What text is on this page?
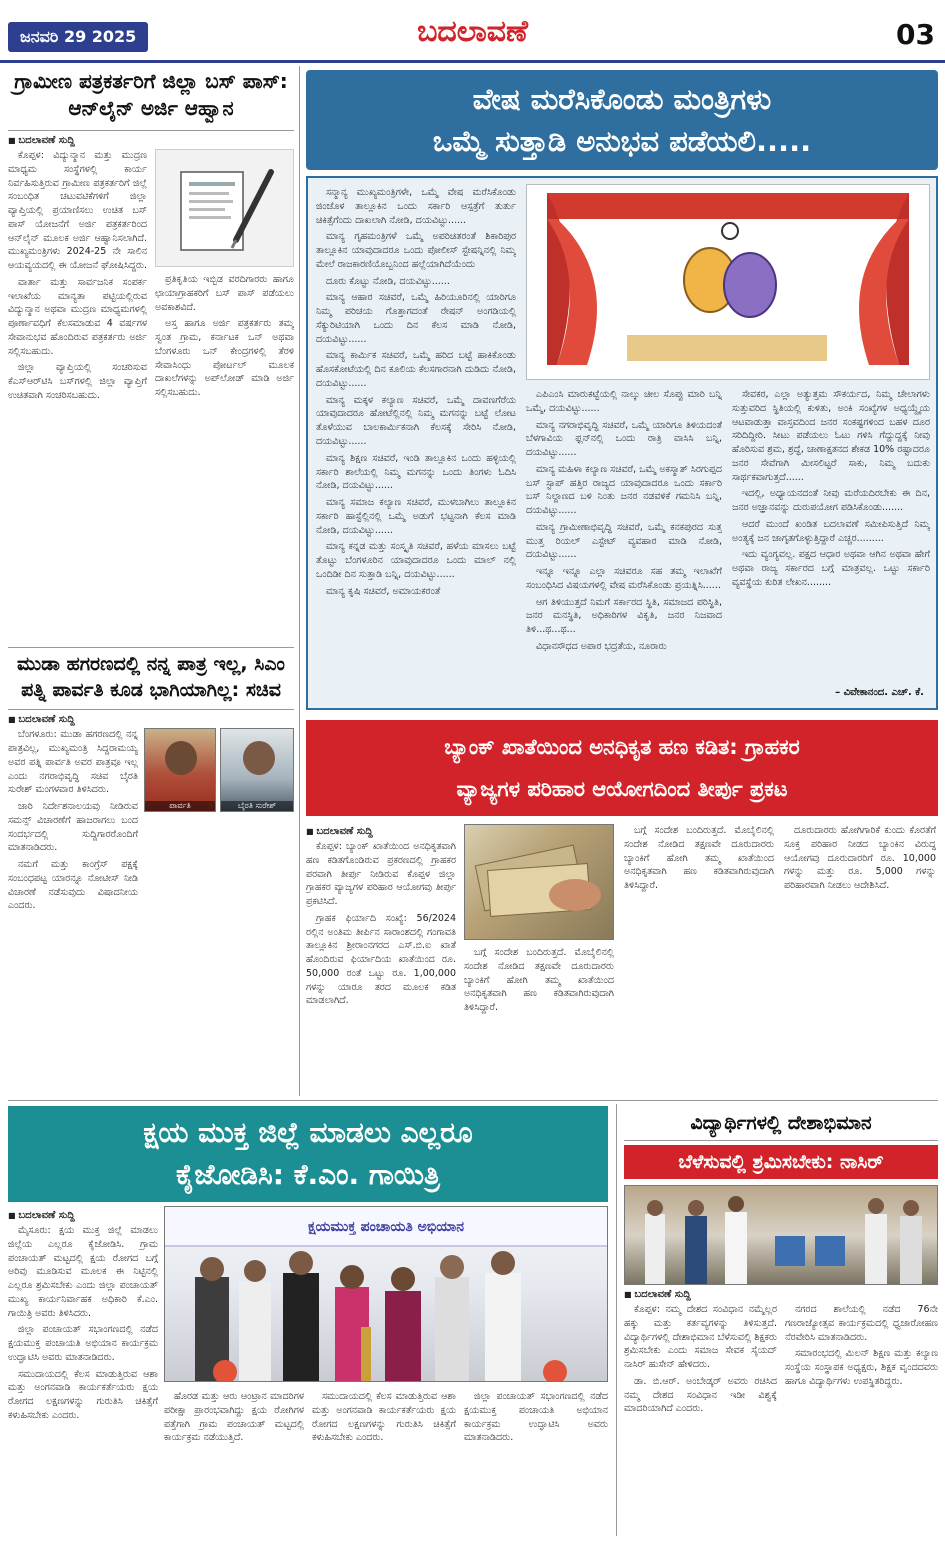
ಜನವರಿ 29 2025	ಬದಲಾವಣೆ	03
ಗ್ರಾಮೀಣ ಪತ್ರಕರ್ತರಿಗೆ ಜಿಲ್ಲಾ ಬಸ್ ಪಾಸ್: ಆನ್‌ಲೈನ್ ಅರ್ಜಿ ಆಹ್ವಾನ
■ ಬದಲಾವಣೆ ಸುದ್ದಿ

ಕೊಪ್ಪಳ: ವಿದ್ಯುನ್ಮಾನ ಮತ್ತು ಮುದ್ರಣ ಮಾಧ್ಯಮ ಸಂಸ್ಥೆಗಳಲ್ಲಿ ಕಾರ್ಯ ನಿರ್ವಹಿಸುತ್ತಿರುವ ಗ್ರಾಮೀಣ ಪತ್ರಕರ್ತರಿಗೆ ಜಿಲ್ಲೆ ಸಂಬಂಧಿತ ಚಟುವಟಿಕೆಗಳಿಗೆ ಜಿಲ್ಲಾ ವ್ಯಾಪ್ತಿಯಲ್ಲಿ ಪ್ರಯಾಣಿಸಲು ಉಚಿತ ಬಸ್ ಪಾಸ್ ಯೋಜನೆಗೆ ಅರ್ಜಿ ಪತ್ರಕರ್ತರಿಂದ ಆನ್‌ಲೈನ್ ಮೂಲಕ ಅರ್ಜಿ ಆಹ್ವಾನಿಸಲಾಗಿದೆ. ಮುಖ್ಯಮಂತ್ರಿಗಳು 2024-25 ನೇ ಸಾಲಿನ ಆಯವ್ಯಯದಲ್ಲಿ ಈ ಯೋಜನೆ ಘೋಷಿಸಿದ್ದರು.

ವಾರ್ತಾ ಮತ್ತು ಸಾರ್ವಜನಿಕ ಸಂಪರ್ಕ ಇಲಾಖೆಯ ಮಾನ್ಯತಾ ಪಟ್ಟಿಯಲ್ಲಿರುವ ವಿದ್ಯುನ್ಮಾನ ಅಥವಾ ಮುದ್ರಣ ಮಾಧ್ಯಮಗಳಲ್ಲಿ ಪೂರ್ಣಾವಧಿಗೆ ಕೆಲಸಮಾಡುವ 4 ವರ್ಷಗಳ ಸೇವಾನುಭವ ಹೊಂದಿರುವ ಪತ್ರಕರ್ತರು ಅರ್ಜಿ ಸಲ್ಲಿಸಬಹುದು.

ಜಿಲ್ಲಾ ವ್ಯಾಪ್ತಿಯಲ್ಲಿ ಸಂಚರಿಸುವ ಕೆಎಸ್‌ಆರ್‌ಟಿಸಿ ಬಸ್‌ಗಳಲ್ಲಿ ಜಿಲ್ಲಾ ವ್ಯಾಪ್ತಿಗೆ ಉಚಿತವಾಗಿ ಸಂಚರಿಸಬಹುದು.

ಪ್ರತಿಕೃತಿಯ ಇಬ್ಬಿಡ ವರದಿಗಾರರು ಹಾಗೂ ಛಾಯಾಗ್ರಾಹಕರಿಗೆ ಬಸ್ ಪಾಸ್ ಪಡೆಯಲು ಅವಕಾಶವಿದೆ.

ಅಸ್ತ ಹಾಗೂ ಅರ್ಜಿ ಪತ್ರಕರ್ತರು ತಮ್ಮ ಸ್ವಂತ ಗ್ರಾಮ, ಕರ್ನಾಟಕ ಒನ್ ಅಥವಾ ಬೆಂಗಳೂರು ಒನ್ ಕೇಂದ್ರಗಳಲ್ಲಿ ತೆರಳಿ ಸೇವಾಸಿಂಧು ಪೋರ್ಟಲ್ ಮೂಲಕ ದಾಖಲೆಗಳನ್ನು ಅಪ್‌ಲೋಡ್ ಮಾಡಿ ಅರ್ಜಿ ಸಲ್ಲಿಸಬಹುದು.

ಮುಡಾ ಹಗರಣದಲ್ಲಿ ನನ್ನ ಪಾತ್ರ ಇಲ್ಲ, ಸಿಎಂ ಪತ್ನಿ ಪಾರ್ವತಿ ಕೂಡ ಭಾಗಿಯಾಗಿಲ್ಲ: ಸಚಿವ
■ ಬದಲಾವಣೆ ಸುದ್ದಿ

ಬೆಂಗಳೂರು: ಮುಡಾ ಹಗರಣದಲ್ಲಿ ನನ್ನ ಪಾತ್ರವಿಲ್ಲ, ಮುಖ್ಯಮಂತ್ರಿ ಸಿದ್ದರಾಮಯ್ಯ ಅವರ ಪತ್ನಿ ಪಾರ್ವತಿ ಅವರ ಪಾತ್ರವೂ ಇಲ್ಲ ಎಂದು ನಗರಾಭಿವೃದ್ಧಿ ಸಚಿವ ಬೈರತಿ ಸುರೇಶ್ ಮಂಗಳವಾರ ತಿಳಿಸಿದರು.

ಜಾರಿ ನಿರ್ದೇಶನಾಲಯವು ನೀಡಿರುವ ಸಮನ್ಸ್ ವಿಚಾರಣೆಗೆ ಹಾಜರಾಗಲು ಬಂದ ಸಂದರ್ಭದಲ್ಲಿ ಸುದ್ದಿಗಾರರೊಂದಿಗೆ ಮಾತನಾಡಿದರು.

ನಮಗೆ ಮತ್ತು ಕಾಂಗ್ರೆಸ್ ಪಕ್ಷಕ್ಕೆ ಸಂಬಂಧಪಟ್ಟ ಯಾರನ್ನೂ ನೋಟೀಸ್ ನೀಡಿ ವಿಚಾರಣೆ ನಡೆಸುವುದು ವಿಷಾದನೀಯ ಎಂದರು.

ಪಾರ್ವತಿ	ಬೈರತಿ ಸುರೇಶ್
ವೇಷ ಮರೆಸಿಕೊಂಡು ಮಂತ್ರಿಗಳು
ಒಮ್ಮೆ ಸುತ್ತಾಡಿ ಅನುಭವ ಪಡೆಯಲಿ.....

ಸನ್ಮಾನ್ಯ ಮುಖ್ಯಮಂತ್ರಿಗಳೇ, ಒಮ್ಮೆ ವೇಷ ಮರೆಸಿಕೊಂಡು ಜಿಂಜೊಳ ತಾಲ್ಲೂಕಿನ ಒಂದು ಸರ್ಕಾರಿ ಆಸ್ಪತ್ರೆಗೆ ತುರ್ತು ಚಿಕಿತ್ಸೆಗೆಂದು ದಾಖಲಾಗಿ ನೋಡಿ, ದಯವಿಟ್ಟು......

ಮಾನ್ಯ ಗೃಹಮಂತ್ರಿಗಳೆ ಒಮ್ಮೆ ಅಪರಿಚಿತರಂತೆ ಶಿಕಾರಿಪುರ ತಾಲ್ಲೂಕಿನ ಯಾವುದಾದರೂ ಒಂದು ಪೋಲೀಸ್ ಸ್ಟೇಷನ್ನಿನಲ್ಲಿ ನಿಮ್ಮ ಮೇಲೆ ರಾಜಕಾರಣಿಯೊಬ್ಬನಿಂದ ಹಲ್ಲೆಯಾಗಿದೆಯೆಂದು

ದೂರು ಕೊಟ್ಟು ನೋಡಿ, ದಯವಿಟ್ಟು......

ಮಾನ್ಯ ಆಹಾರ ಸಚಿವರೆ, ಒಮ್ಮೆ ಹಿರಿಯೂರಿನಲ್ಲಿ ಯಾರಿಗೂ ನಿಮ್ಮ ಪರಿಚಯ ಗೊತ್ತಾಗದಂತೆ ರೇಷನ್ ಅಂಗಡಿಯಲ್ಲಿ ಸೆಕ್ಯುರಿಟಿಯಾಗಿ ಒಂದು ದಿನ ಕೆಲಸ ಮಾಡಿ ನೋಡಿ, ದಯವಿಟ್ಟು......

ಮಾನ್ಯ ಕಾರ್ಮಿಕ ಸಚಿವರೆ, ಒಮ್ಮೆ ಹರಿದ ಬಟ್ಟೆ ಹಾಕಿಕೊಂಡು ಹೊಸಕೋಟೆಯಲ್ಲಿ ದಿನ ಕೂಲಿಯ ಕೆಲಸಗಾರನಾಗಿ ದುಡಿದು ನೋಡಿ, ದಯವಿಟ್ಟು......

ಮಾನ್ಯ ಮಕ್ಕಳ ಕಲ್ಯಾಣ ಸಚಿವರೆ, ಒಮ್ಮೆ ದಾವಣಗೆರೆಯ ಯಾವುದಾದರೂ ಹೋಟೆಲ್ಲಿನಲ್ಲಿ ನಿಮ್ಮ ಮಗನನ್ನು ಬಟ್ಟೆ ಲೋಟ ತೊಳೆಯುವ ಬಾಲಕಾರ್ಮಿಕನಾಗಿ ಕೆಲಸಕ್ಕೆ ಸೇರಿಸಿ ನೋಡಿ, ದಯವಿಟ್ಟು......

ಮಾನ್ಯ ಶಿಕ್ಷಣ ಸಚಿವರೆ, ಇಂಡಿ ತಾಲ್ಲೂಕಿನ ಒಂದು ಹಳ್ಳಿಯಲ್ಲಿ ಸರ್ಕಾರಿ ಶಾಲೆಯಲ್ಲಿ ನಿಮ್ಮ ಮಗನನ್ನು ಒಂದು ತಿಂಗಳು ಓದಿಸಿ ನೋಡಿ, ದಯವಿಟ್ಟು......

ಮಾನ್ಯ ಸಮಾಜ ಕಲ್ಯಾಣ ಸಚಿವರೆ, ಮುಳಬಾಗಿಲು ತಾಲ್ಲೂಕಿನ ಸರ್ಕಾರಿ ಹಾಸ್ಟೆಲ್ಲಿನಲ್ಲಿ ಒಮ್ಮೆ ಅಡುಗೆ ಭಟ್ಟನಾಗಿ ಕೆಲಸ ಮಾಡಿ ನೋಡಿ, ದಯವಿಟ್ಟು......

ಮಾನ್ಯ ಕನ್ನಡ ಮತ್ತು ಸಂಸ್ಕೃತಿ ಸಚಿವರೆ, ಹಳೆಯ ಮಾಸಲು ಬಟ್ಟೆ ತೊಟ್ಟು ಬೆಂಗಳೂರಿನ ಯಾವುದಾದರೂ ಒಂದು ಮಾಲ್ ನಲ್ಲಿ ಒಂದಿಡೀ ದಿನ ಸುತ್ತಾಡಿ ಬನ್ನಿ, ದಯವಿಟ್ಟು......

ಮಾನ್ಯ ಕೃಷಿ ಸಚಿವರೆ, ಅಮಾಯಕರಂತೆ

ಎಪಿಎಂಸಿ ಮಾರುಕಟ್ಟೆಯಲ್ಲಿ ನಾಲ್ಕು ಚೀಲ ಸೊಪ್ಪು ಮಾರಿ ಬನ್ನಿ ಒಮ್ಮೆ, ದಯವಿಟ್ಟು......

ಮಾನ್ಯ ನಗರಾಭಿವೃದ್ಧಿ ಸಚಿವರೆ, ಒಮ್ಮೆ ಯಾರಿಗೂ ತಿಳಿಯದಂತೆ ಬೆಳಗಾವಿಯ ಫ್ಲನ್‌ನಲ್ಲಿ ಒಂದು ರಾತ್ರಿ ವಾಸಿಸಿ ಬನ್ನಿ, ದಯವಿಟ್ಟು......

ಮಾನ್ಯ ಮಹಿಳಾ ಕಲ್ಯಾಣ ಸಚಿವರೆ, ಒಮ್ಮೆ ಅಕಸ್ಮಾತ್ ಸಿರಗುಪ್ಪದ ಬಸ್ ಸ್ಟಾಪ್ ಹತ್ತಿರ ರಾಜ್ಯದ ಯಾವುದಾದರೂ ಒಂದು ಸರ್ಕಾರಿ ಬಸ್ ನಿಲ್ದಾಣದ ಬಳಿ ನಿಂತು ಜನರ ನಡವಳಿಕೆ ಗಮನಿಸಿ ಬನ್ನಿ, ದಯವಿಟ್ಟು......

ಮಾನ್ಯ ಗ್ರಾಮೀಣಾಭಿವೃದ್ಧಿ ಸಚಿವರೆ, ಒಮ್ಮೆ ಕನಕಪುರದ ಸುತ್ತ ಮುತ್ತ ರಿಯಲ್ ಎಸ್ಟೇಟ್ ವ್ಯವಹಾರ ಮಾಡಿ ನೋಡಿ, ದಯವಿಟ್ಟು......

ಇನ್ನೂ ಇನ್ನೂ ಎಲ್ಲಾ ಸಚಿವರೂ ಸಹ ತಮ್ಮ ಇಲಾಖೆಗೆ ಸಂಬಂಧಿಸಿದ ವಿಷಯಗಳಲ್ಲಿ ವೇಷ ಮರೆಸಿಕೊಂಡು ಪ್ರಯತ್ನಿಸಿ......

ಆಗ ತಿಳಿಯುತ್ತದೆ ನಿಮಗೆ ಸರ್ಕಾರದ ಸ್ಥಿತಿ, ಸಮಾಜದ ಪರಿಸ್ಥಿತಿ, ಜನರ ಮನಸ್ಥಿತಿ, ಅಧಿಕಾರಿಗಳ ವಿಕೃತಿ, ಜನರ ನಿಜವಾದ ತಿಳಿ...ಥ...ಥ...

ವಿಧಾನಸೌಧದ ಅಪಾರ ಭದ್ರತೆಯ, ನೂರಾರು

ಸೇವಕರ, ಎಲ್ಲಾ ಅತ್ಯುತ್ತಮ ಸೌಕರ್ಯದ, ನಿಮ್ಮ ಚೇಲಾಗಳು ಸುತ್ತುವರಿದ ಸ್ಥಿತಿಯಲ್ಲಿ ಕುಳಿತು, ಅಂಕಿ ಸಂಖ್ಯೆಗಳ ಅಧ್ಯಯ್ದೈಯ ಆಟವಾಡುತ್ತಾ ವಾಸ್ತವದಿಂದ ಜನರ ಸಂಕಷ್ಟಗಳಿಂದ ಬಹಳ ದೂರ ಸರಿದಿದ್ದೀರಿ. ಸೀಟು ಪಡೆಯಲು ಓಟು ಗಳಿಸಿ ಗೆದ್ದುದ್ದಕ್ಕೆ ನೀವು ಹೊರಿಸುವ ಶ್ರಮ, ಶ್ರದ್ಧೆ, ಚಾಣಾಕ್ಷತನದ ಶೇಕಡ 10% ರಷ್ಟಾದರೂ ಜನರ ಸೇವೆಗಾಗಿ ಮೀಸಲಿಟ್ಟರೆ ಸಾಕು, ನಿಮ್ಮ ಬದುಕು ಸಾರ್ಥಕವಾಗುತ್ತದೆ......

ಇದಲ್ಲಿ, ಅಧ್ಯಾಯನದಂತೆ ನೀವು ಮರೆಯದಿರಬೇಕು ಈ ದಿನ, ಜನರ ಅಜ್ಞಾನವನ್ನು ದುರುಪಯೋಗ ಪಡಿಸಿಕೊಂಡು.......

ಆದರೆ ಮುಂದೆ ಖಂಡಿತ ಬದಲಾವಣೆ ಸಮೀಪಿಸುತ್ತಿದೆ ನಿಮ್ಮ ಅಂತ್ಯಕ್ಕೆ ಜನ ಜಾಗೃತಗೊಳ್ಳುತ್ತಿದ್ದಾರೆ ಎಚ್ಚರ.........

ಇದು ವ್ಯಂಗ್ಯವಲ್ಲ. ಪಕ್ಷದ ಆಧಾರ ಅಥವಾ ಆಗಿನ ಅಥವಾ ಹೇಗೆ ಅಥವಾ ರಾಜ್ಯ ಸರ್ಕಾರದ ಬಗ್ಗೆ ಮಾತ್ರವಲ್ಲ. ಒಟ್ಟು ಸರ್ಕಾರಿ ವ್ಯವಸ್ಥೆಯ ಕುರಿತ ಲೇಖನ........

– ವಿವೇಕಾನಂದ. ಎಚ್. ಕೆ.
ಬ್ಯಾಂಕ್ ಖಾತೆಯಿಂದ ಅನಧಿಕೃತ ಹಣ ಕಡಿತ: ಗ್ರಾಹಕರ
ವ್ಯಾಜ್ಯಗಳ ಪರಿಹಾರ ಆಯೋಗದಿಂದ ತೀರ್ಪು ಪ್ರಕಟ
■ ಬದಲಾವಣೆ ಸುದ್ದಿ

ಕೊಪ್ಪಳ: ಬ್ಯಾಂಕ್ ಖಾತೆಯಿಂದ ಅನಧಿಕೃತವಾಗಿ ಹಣ ಕಡಿತಗೊಂಡಿರುವ ಪ್ರಕರಣದಲ್ಲಿ ಗ್ರಾಹಕರ ಪರವಾಗಿ ತೀರ್ಪು ನೀಡಿರುವ ಕೊಪ್ಪಳ ಜಿಲ್ಲಾ ಗ್ರಾಹಕರ ವ್ಯಾಜ್ಯಗಳ ಪರಿಹಾರ ಆಯೋಗವು ತೀರ್ಪು ಪ್ರಕಟಿಸಿದೆ.

ಗ್ರಾಹಕ ಫಿರ್ಯಾದಿ ಸಂಖ್ಯೆ: 56/2024 ರಲ್ಲಿನ ಅಂತಿಮ ತೀರ್ಪಿನ ಸಾರಾಂಶದಲ್ಲಿ ಗಂಗಾವತಿ ತಾಲ್ಲೂಕಿನ ಶ್ರೀರಾಂನಗರದ ಎಸ್.ಬಿ.ಐ ಖಾತೆ ಹೊಂದಿರುವ ಫಿರ್ಯಾದಿಯ ಖಾತೆಯಿಂದ ರೂ. 50,000 ರಂತೆ ಒಟ್ಟು ರೂ. 1,00,000 ಗಳನ್ನು ಯಾರೂ ತರದ ಮೂಲಕ ಕಡಿತ ಮಾಡಲಾಗಿದೆ.

ಬಗ್ಗೆ ಸಂದೇಶ ಬಂದಿರುತ್ತದೆ. ಮೊಬೈಲಿನಲ್ಲಿ ಸಂದೇಶ ನೋಡಿದ ತಕ್ಷಣವೇ ದೂರುದಾರರು ಬ್ಯಾಂಕಿಗೆ ಹೋಗಿ ತಮ್ಮ ಖಾತೆಯಿಂದ ಅನಧಿಕೃತವಾಗಿ ಹಣ ಕಡಿತವಾಗಿರುವುದಾಗಿ ತಿಳಿಸಿದ್ದಾರೆ.

ಬಗ್ಗೆ ಸಂದೇಶ ಬಂದಿರುತ್ತದೆ. ಮೊಬೈಲಿನಲ್ಲಿ ಸಂದೇಶ ನೋಡಿದ ತಕ್ಷಣವೇ ದೂರುದಾರರು ಬ್ಯಾಂಕಿಗೆ ಹೋಗಿ ತಮ್ಮ ಖಾತೆಯಿಂದ ಅನಧಿಕೃತವಾಗಿ ಹಣ ಕಡಿತವಾಗಿರುವುದಾಗಿ ತಿಳಿಸಿದ್ದಾರೆ.

ದೂರುದಾರರು ಹೋಗಿಗಾರಿಕೆ ಕುಂದು ಕೊರತೆಗೆ ಸೂಕ್ತ ಪರಿಹಾರ ನೀಡದ ಬ್ಯಾಂಕಿನ ವಿರುದ್ಧ ಆಯೋಗವು ದೂರುದಾರರಿಗೆ ರೂ. 10,000 ಗಳನ್ನು ಮತ್ತು ರೂ. 5,000 ಗಳನ್ನು ಪರಿಹಾರವಾಗಿ ನೀಡಲು ಆದೇಶಿಸಿದೆ.

ಕ್ಷಯ ಮುಕ್ತ ಜಿಲ್ಲೆ ಮಾಡಲು ಎಲ್ಲರೂ
ಕೈಜೋಡಿಸಿ: ಕೆ.ಎಂ. ಗಾಯಿತ್ರಿ
■ ಬದಲಾವಣೆ ಸುದ್ದಿ

ಮೈಸೂರು: ಕ್ಷಯ ಮುಕ್ತ ಜಿಲ್ಲೆ ಮಾಡಲು ಜಿಲ್ಲೆಯ ಎಲ್ಲರೂ ಕೈಜೋಡಿಸಿ. ಗ್ರಾಮ ಪಂಚಾಯತ್ ಮಟ್ಟದಲ್ಲಿ ಕ್ಷಯ ರೋಗದ ಬಗ್ಗೆ ಅರಿವು ಮೂಡಿಸುವ ಮೂಲಕ ಈ ನಿಟ್ಟಿನಲ್ಲಿ ಎಲ್ಲರೂ ಶ್ರಮಿಸಬೇಕು ಎಂದು ಜಿಲ್ಲಾ ಪಂಚಾಯತ್ ಮುಖ್ಯ ಕಾರ್ಯನಿರ್ವಾಹಕ ಅಧಿಕಾರಿ ಕೆ.ಎಂ. ಗಾಯಿತ್ರಿ ಅವರು ತಿಳಿಸಿದರು.

ಜಿಲ್ಲಾ ಪಂಚಾಯತ್ ಸಭಾಂಗಣದಲ್ಲಿ ನಡೆದ ಕ್ಷಯಮುಕ್ತ ಪಂಚಾಯತಿ ಅಭಿಯಾನ ಕಾರ್ಯಕ್ರಮ ಉದ್ಘಾಟಿಸಿ ಅವರು ಮಾತನಾಡಿದರು.

ಸಮುದಾಯದಲ್ಲಿ ಕೆಲಸ ಮಾಡುತ್ತಿರುವ ಆಶಾ ಮತ್ತು ಅಂಗನವಾಡಿ ಕಾರ್ಯಕರ್ತೆಯರು ಕ್ಷಯ ರೋಗದ ಲಕ್ಷಣಗಳನ್ನು ಗುರುತಿಸಿ ಚಿಕಿತ್ಸೆಗೆ ಕಳುಹಿಸಬೇಕು ಎಂದರು.

ಕ್ಷಯಮುಕ್ತ ಪಂಚಾಯತಿ ಅಭಿಯಾನ

ಹೊರಡ ಮತ್ತು ಆರು ಆಂಟ್ರಾನ ಮಾದರಿಗಳ ಪರೀಕ್ಷಾ ಪ್ರಾರಂಭವಾಗಿದ್ದು ಕ್ಷಯ ರೋಗಿಗಳ ಪತ್ತೆಗಾಗಿ ಗ್ರಾಮ ಪಂಚಾಯತ್ ಮಟ್ಟದಲ್ಲಿ ಕಾರ್ಯಕ್ರಮ ನಡೆಯುತ್ತಿದೆ.

ಸಮುದಾಯದಲ್ಲಿ ಕೆಲಸ ಮಾಡುತ್ತಿರುವ ಆಶಾ ಮತ್ತು ಅಂಗನವಾಡಿ ಕಾರ್ಯಕರ್ತೆಯರು ಕ್ಷಯ ರೋಗದ ಲಕ್ಷಣಗಳನ್ನು ಗುರುತಿಸಿ ಚಿಕಿತ್ಸೆಗೆ ಕಳುಹಿಸಬೇಕು ಎಂದರು.

ಜಿಲ್ಲಾ ಪಂಚಾಯತ್ ಸಭಾಂಗಣದಲ್ಲಿ ನಡೆದ ಕ್ಷಯಮುಕ್ತ ಪಂಚಾಯತಿ ಅಭಿಯಾನ ಕಾರ್ಯಕ್ರಮ ಉದ್ಘಾಟಿಸಿ ಅವರು ಮಾತನಾಡಿದರು.

ವಿದ್ಯಾರ್ಥಿಗಳಲ್ಲಿ ದೇಶಾಭಿಮಾನ
ಬೆಳೆಸುವಲ್ಲಿ ಶ್ರಮಿಸಬೇಕು: ನಾಸಿರ್
■ ಬದಲಾವಣೆ ಸುದ್ದಿ

ಕೊಪ್ಪಳ: ನಮ್ಮ ದೇಶದ ಸಂವಿಧಾನ ನಮ್ಮೆಲ್ಲರ ಹಕ್ಕು ಮತ್ತು ಕರ್ತವ್ಯಗಳನ್ನು ತಿಳಿಸುತ್ತದೆ. ವಿದ್ಯಾರ್ಥಿಗಳಲ್ಲಿ ದೇಶಾಭಿಮಾನ ಬೆಳೆಸುವಲ್ಲಿ ಶಿಕ್ಷಕರು ಶ್ರಮಿಸಬೇಕು ಎಂದು ಸಮಾಜ ಸೇವಕ ಸೈಯದ್ ನಾಸಿರ್ ಹುಸೇನ್ ಹೇಳಿದರು.

ಡಾ. ಬಿ.ಆರ್. ಅಂಬೇಡ್ಕರ್ ಅವರು ರಚಿಸಿದ ನಮ್ಮ ದೇಶದ ಸಂವಿಧಾನ ಇಡೀ ವಿಶ್ವಕ್ಕೆ ಮಾದರಿಯಾಗಿದೆ ಎಂದರು.

ನಗರದ ಶಾಲೆಯಲ್ಲಿ ನಡೆದ 76ನೇ ಗಣರಾಜ್ಯೋತ್ಸವ ಕಾರ್ಯಕ್ರಮದಲ್ಲಿ ಧ್ವಜಾರೋಹಣ ನೆರವೇರಿಸಿ ಮಾತನಾಡಿದರು.

ಸಮಾರಂಭದಲ್ಲಿ ಮಿಲನ್ ಶಿಕ್ಷಣ ಮತ್ತು ಕಲ್ಯಾಣ ಸಂಸ್ಥೆಯ ಸಂಸ್ಥಾಪಕ ಅಧ್ಯಕ್ಷರು, ಶಿಕ್ಷಕ ವೃಂದದವರು ಹಾಗೂ ವಿದ್ಯಾರ್ಥಿಗಳು ಉಪಸ್ಥಿತರಿದ್ದರು.
